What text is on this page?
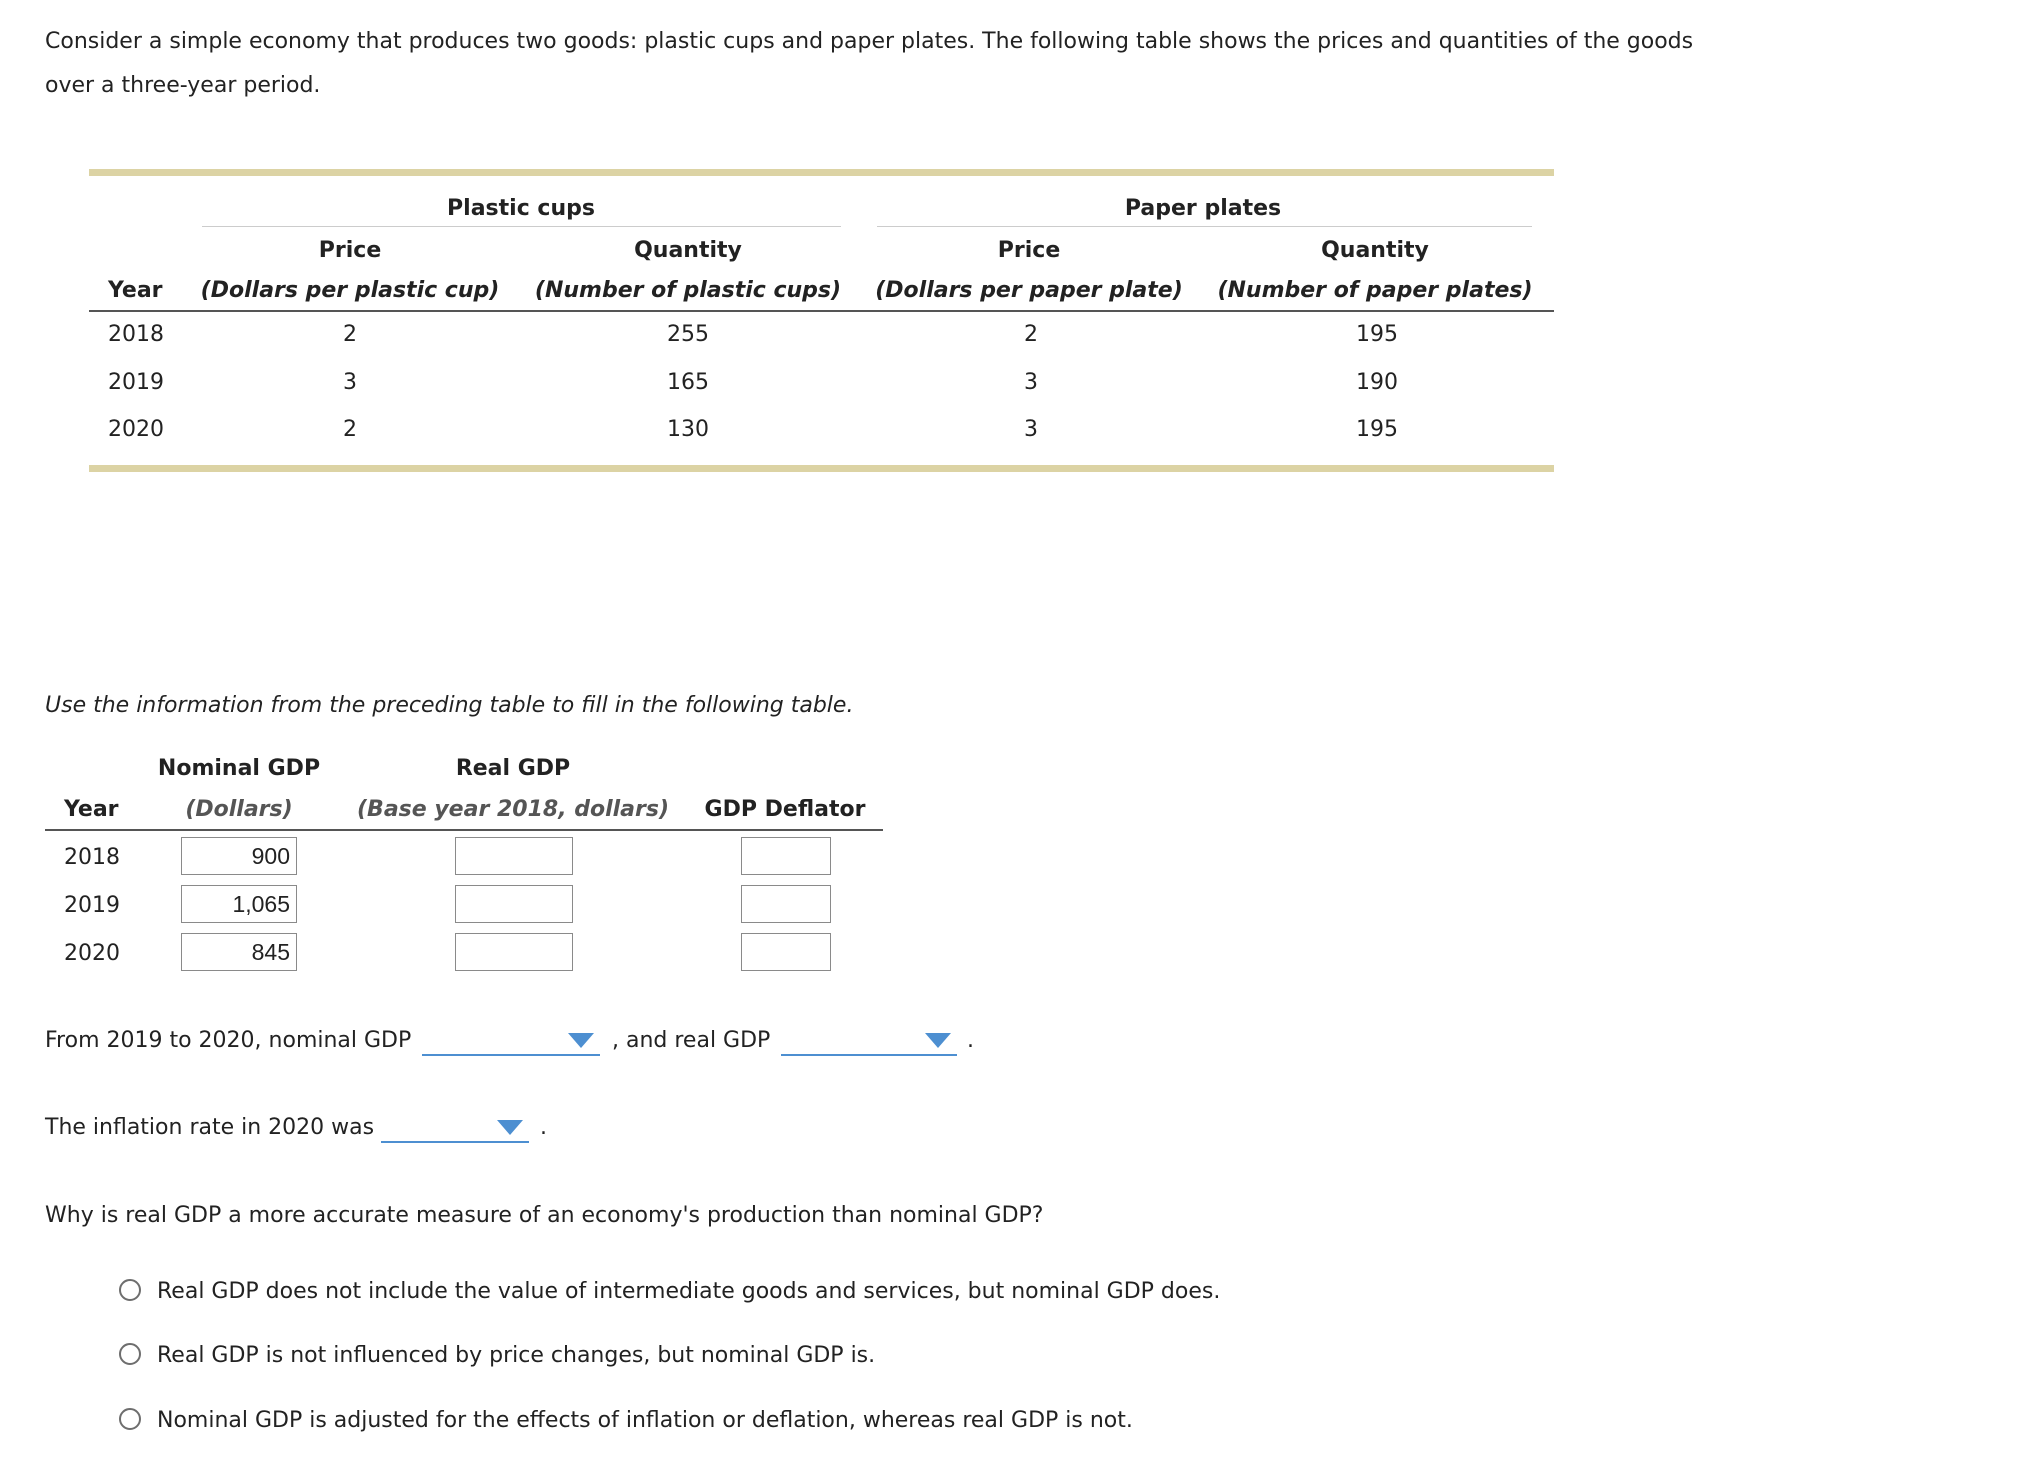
Consider a simple economy that produces two goods: plastic cups and paper plates. The following table shows the prices and quantities of the goods over a three-year period.
Plastic cups	Paper plates
Price	Quantity	Price	Quantity
Year (Dollars per plastic cup) (Number of plastic cups) (Dollars per paper plate) (Number of paper plates)
2018	2	255	2	195
2019	3	165	3	190
2020	2	130	3	195
Use the information from the preceding table to fill in the following table.
Nominal GDP	Real GDP
Year	(Dollars)	(Base year 2018, dollars) GDP Deflator
2018	900
2019	1,065
2020	845
From 2019 to 2020, nominal GDP	, and real GDP	.
The inflation rate in 2020 was	.
Why is real GDP a more accurate measure of an economy's production than nominal GDP?
Real GDP does not include the value of intermediate goods and services, but nominal GDP does.
Real GDP is not influenced by price changes, but nominal GDP is.
Nominal GDP is adjusted for the effects of inflation or deflation, whereas real GDP is not.
